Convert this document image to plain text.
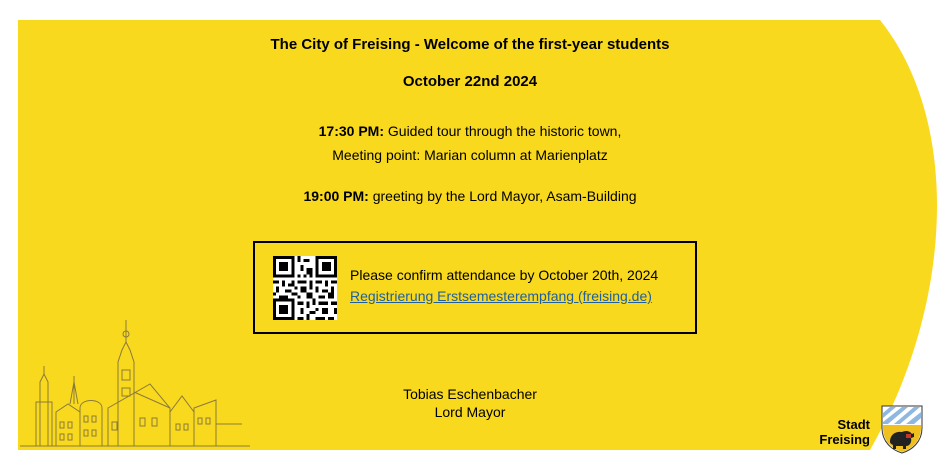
The City of Freising - Welcome of the first-year students
October 22nd 2024
17:30 PM: Guided tour through the historic town,
Meeting point: Marian column at Marienplatz
19:00 PM: greeting by the Lord Mayor, Asam-Building
Please confirm attendance by October 20th, 2024
Registrierung Erstsemesterempfang (freising.de)
Tobias Eschenbacher
Lord Mayor
Stadt
Freising
